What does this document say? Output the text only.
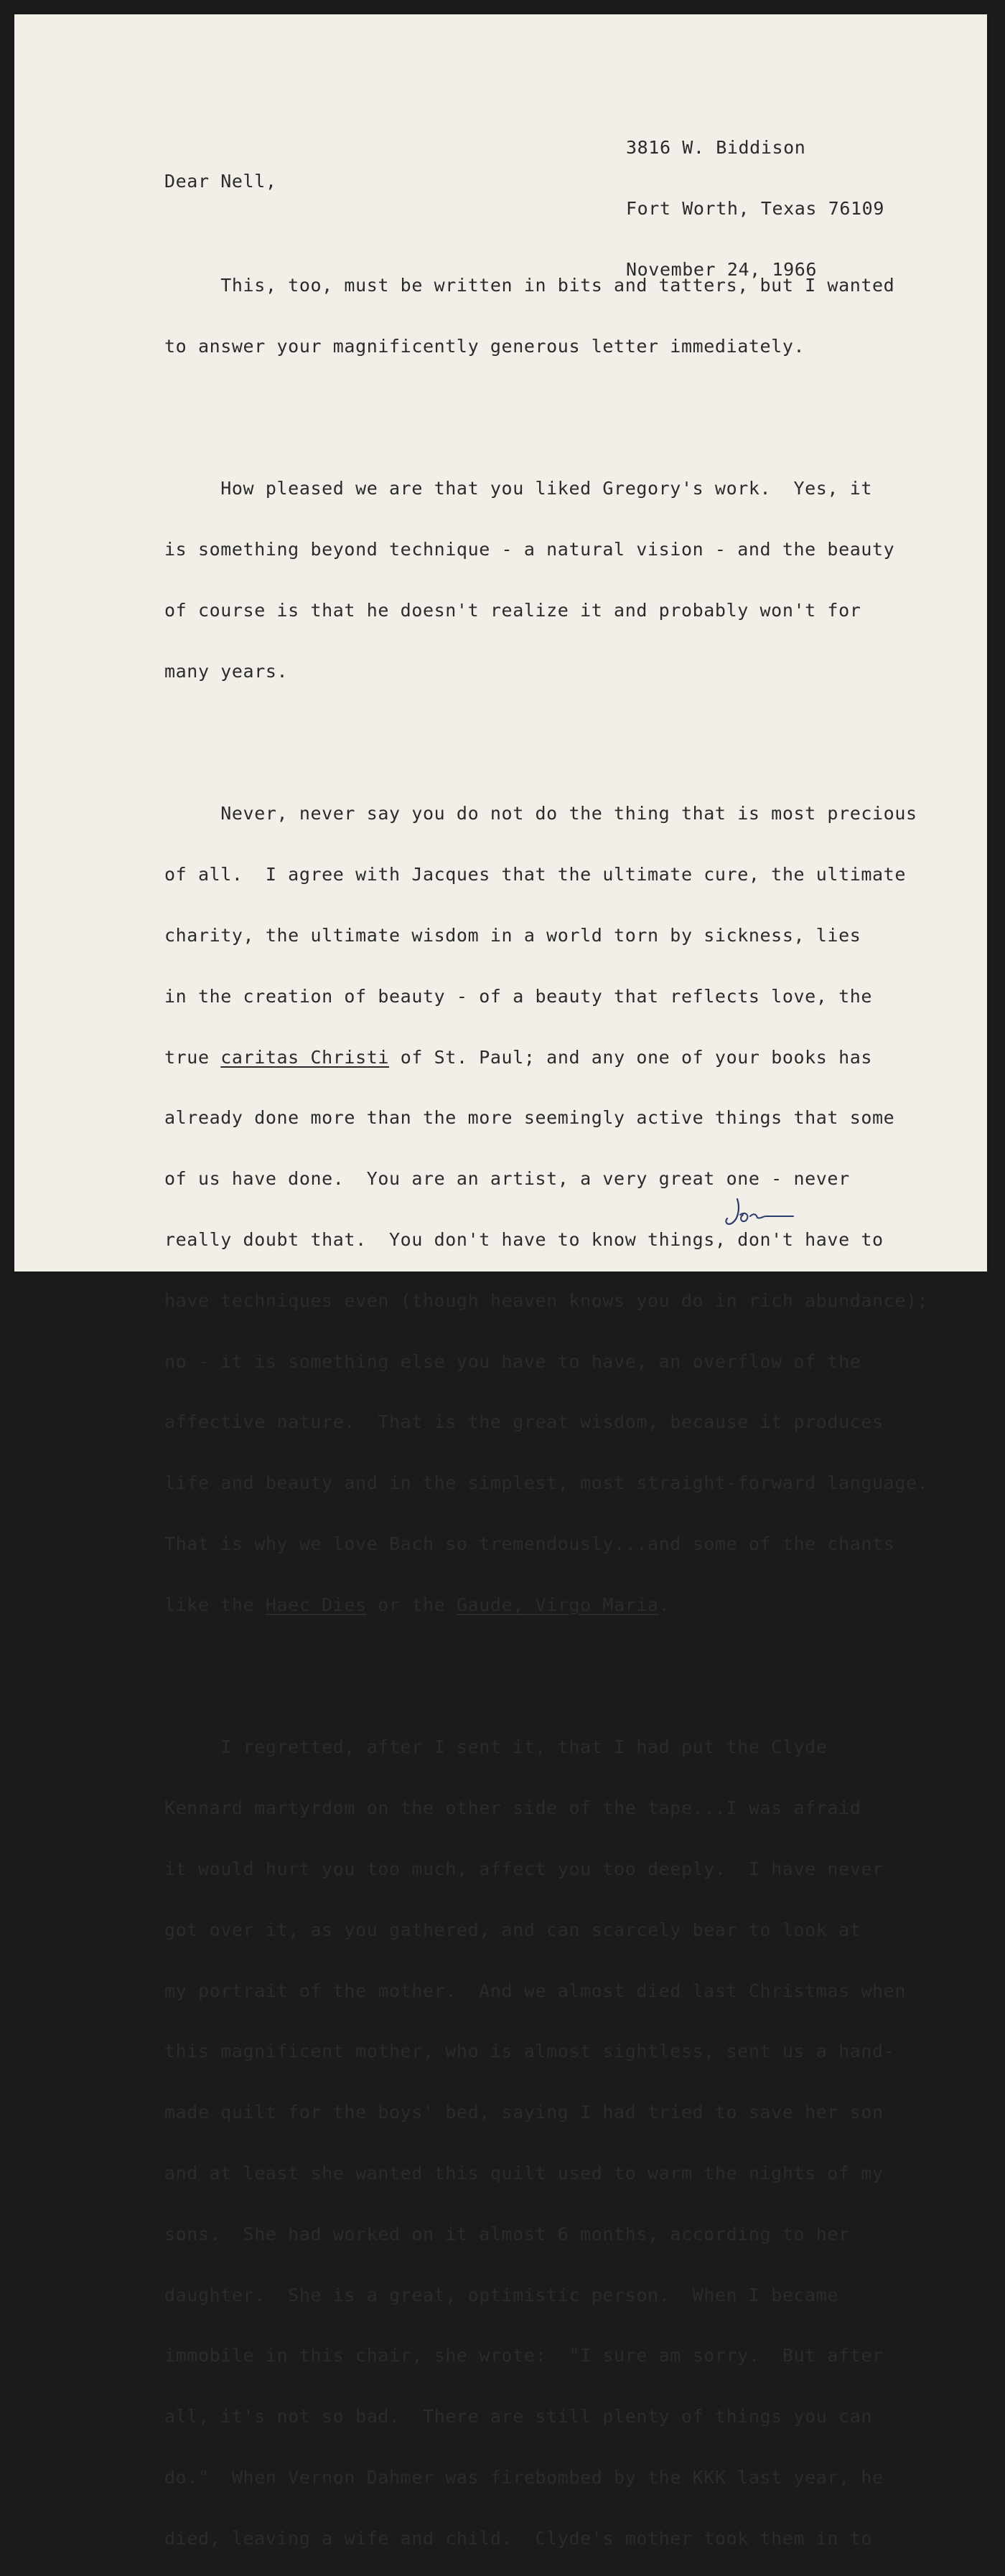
3816 W. Biddison

Fort Worth, Texas 76109

November 24, 1966

Dear Nell,

This, too, must be written in bits and tatters, but I wanted

to answer your magnificently generous letter immediately.

How pleased we are that you liked Gregory's work.  Yes, it

is something beyond technique - a natural vision - and the beauty

of course is that he doesn't realize it and probably won't for

many years.

Never, never say you do not do the thing that is most precious

of all.  I agree with Jacques that the ultimate cure, the ultimate

charity, the ultimate wisdom in a world torn by sickness, lies

in the creation of beauty - of a beauty that reflects love, the

true caritas Christi of St. Paul; and any one of your books has

already done more than the more seemingly active things that some

of us have done.  You are an artist, a very great one - never

really doubt that.  You don't have to know things, don't have to

have techniques even (though heaven knows you do in rich abundance);

no - it is something else you have to have, an overflow of the

affective nature.  That is the great wisdom, because it produces

life and beauty and in the simplest, most straight-forward language.

That is why we love Bach so tremendously...and some of the chants

like the Haec Dies or the Gaude, Virgo Maria.

I regretted, after I sent it, that I had put the Clyde

Kennard martyrdom on the other side of the tape...I was afraid

it would hurt you too much, affect you too deeply.  I have never

got over it, as you gathered, and can scarcely bear to look at

my portrait of the mother.  And we almost died last Christmas when

this magnificent mother, who is almost sightless, sent us a hand-

made quilt for the boys' bed, saying I had tried to save her son

and at least she wanted this quilt used to warm the nights of my

sons.  She had worked on it almost 6 months, according to her

daughter.  She is a great, optimistic person.  When I became

immobile in this chair, she wrote:  "I sure am sorry.  But after

all, it's not so bad.  There are still plenty of things you can

do."  When Vernon Dahmer was firebombed by the KKK last year, he

died, leaving a wife and child.  Clyde's mother took them in to
